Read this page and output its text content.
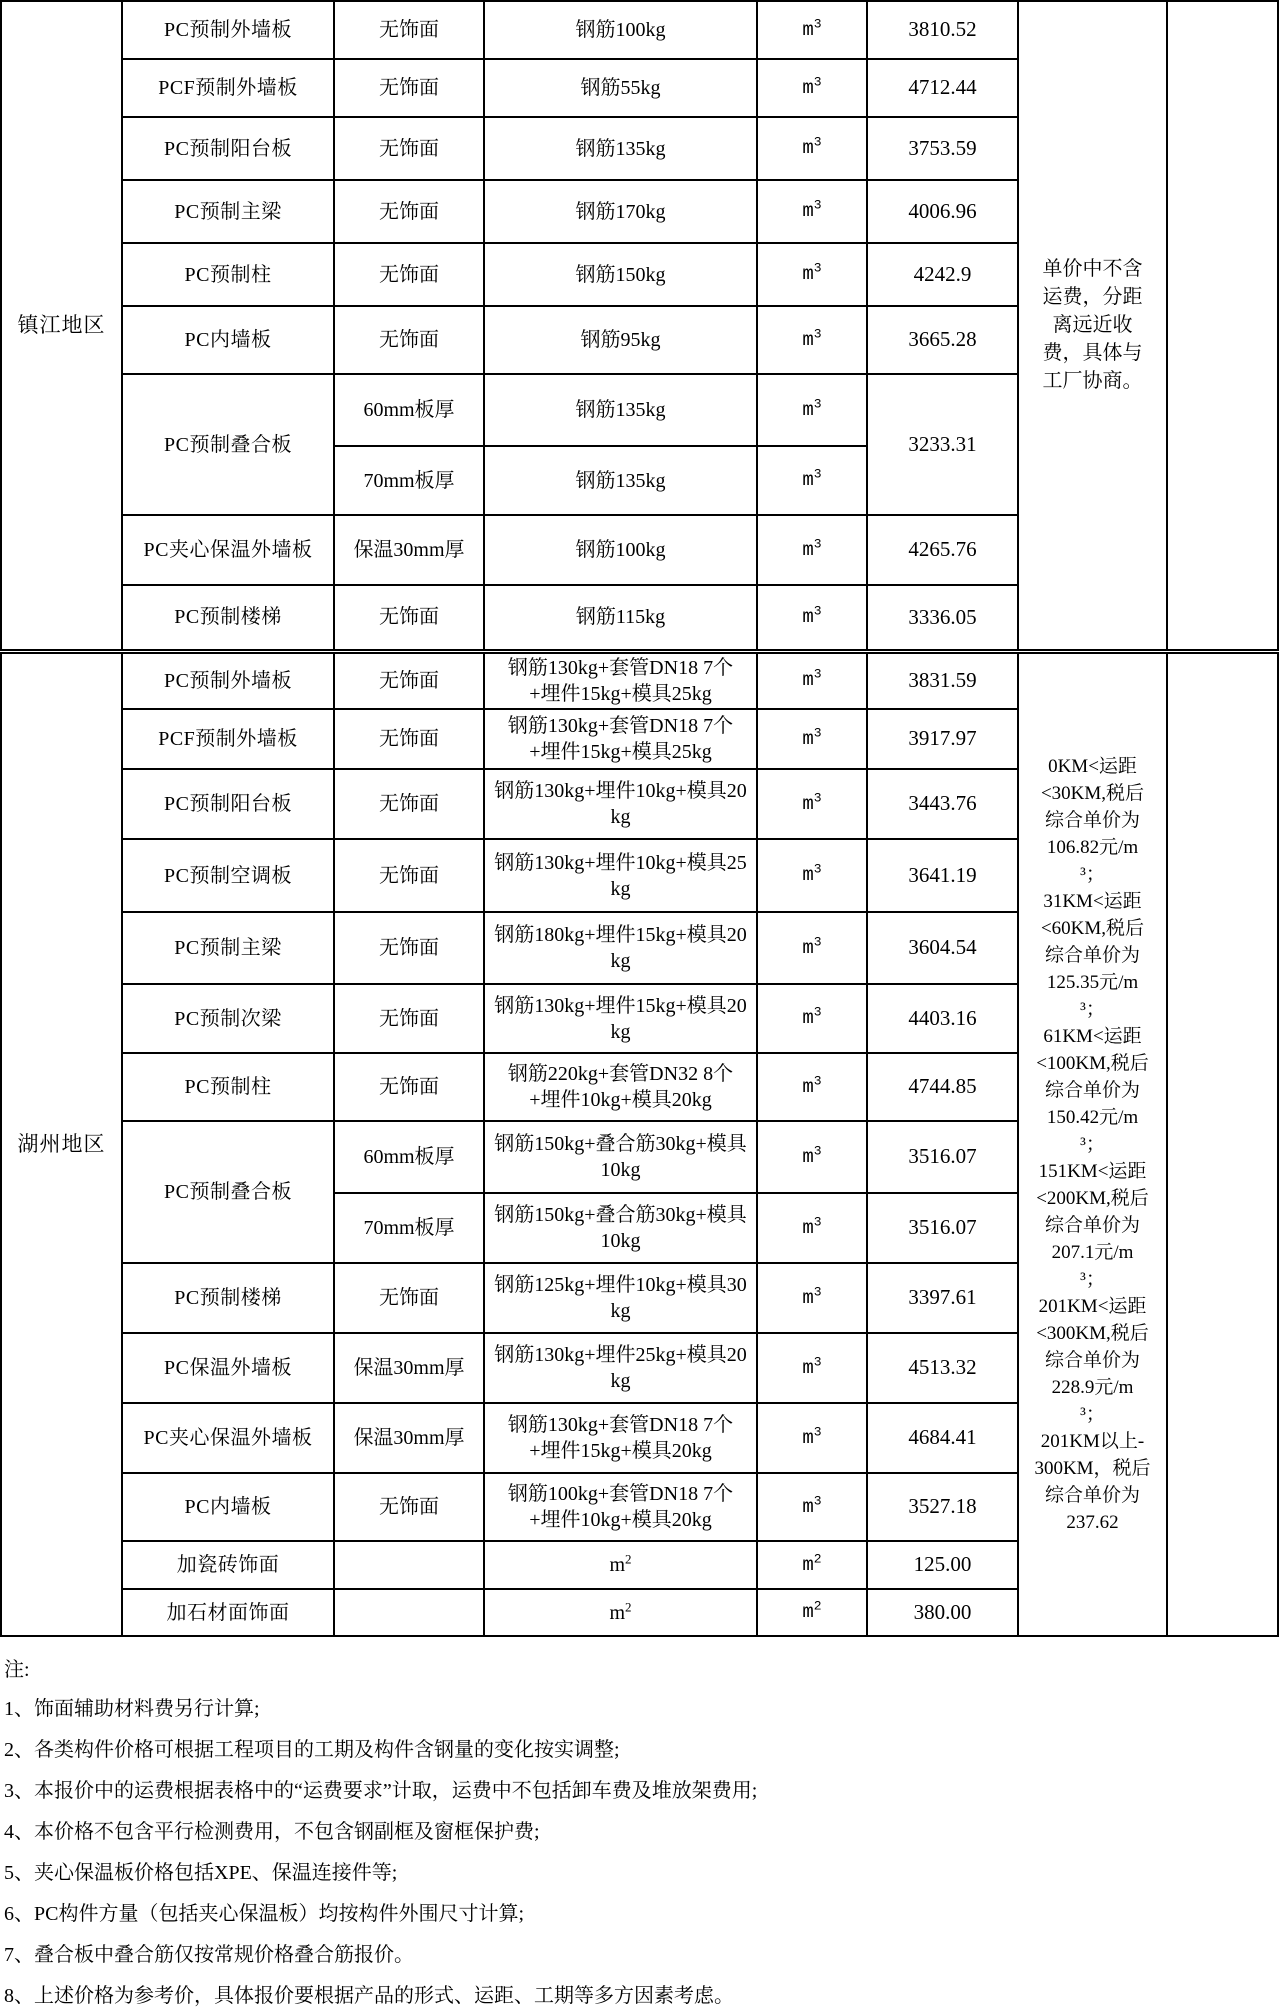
镇江地区	PC预制外墙板	无饰面	钢筋100kg	$m^3$	3810.52	单价中不含
运费，分距
离远近收
费，具体与
工厂协商。	

	PCF预制外墙板	无饰面	钢筋55kg	$m^3$	4712.44		
	PC预制阳台板	无饰面	钢筋135kg	$m^3$	3753.59		
	PC预制主梁	无饰面	钢筋170kg	$m^3$	4006.96		
	PC预制柱	无饰面	钢筋150kg	$m^3$	4242.9		
	PC内墙板	无饰面	钢筋95kg	$m^3$	3665.28		
	PC预制叠合板	60mm板厚	钢筋135kg	$m^3$	3233.31		
		70mm板厚	钢筋135kg	$m^3$
	PC夹心保温外墙板	保温30mm厚	钢筋100kg	$m^3$	4265.76		
	PC预制楼梯	无饰面	钢筋115kg	$m^3$	3336.05		
湖州地区	PC预制外墙板	无饰面	钢筋130kg+套管DN18 7个+埋件15kg+模具25kg	$m^3$	3831.59	
0KM<运距
<30KM,税后
综合单价为
106.82元/m
³；
31KM<运距
<60KM,税后
综合单价为
125.35元/m
³；
61KM<运距
<100KM,税后
综合单价为
150.42元/m
³；
151KM<运距
<200KM,税后
综合单价为
207.1元/m
³；
201KM<运距
<300KM,税后
综合单价为
228.9元/m
³；
201KM以上-
300KM，税后
综合单价为
237.62

	PCF预制外墙板	无饰面	钢筋130kg+套管DN18 7个+埋件15kg+模具25kg	$m^3$	3917.97		
	PC预制阳台板	无饰面	钢筋130kg+埋件10kg+模具20kg	$m^3$	3443.76		
	PC预制空调板	无饰面	钢筋130kg+埋件10kg+模具25kg	$m^3$	3641.19		
	PC预制主梁	无饰面	钢筋180kg+埋件15kg+模具20kg	$m^3$	3604.54		
	PC预制次梁	无饰面	钢筋130kg+埋件15kg+模具20kg	$m^3$	4403.16		
	PC预制柱	无饰面	钢筋220kg+套管DN32 8个+埋件10kg+模具20kg	$m^3$	4744.85		
	PC预制叠合板	60mm板厚	钢筋150kg+叠合筋30kg+模具10kg	$m^3$	3516.07		
		70mm板厚	钢筋150kg+叠合筋30kg+模具10kg	$m^3$	3516.07		
	PC预制楼梯	无饰面	钢筋125kg+埋件10kg+模具30kg	$m^3$	3397.61		
	PC保温外墙板	保温30mm厚	钢筋130kg+埋件25kg+模具20kg	$m^3$	4513.32		
	PC夹心保温外墙板	保温30mm厚	钢筋130kg+套管DN18 7个+埋件15kg+模具20kg	$m^3$	4684.41		
	PC内墙板	无饰面	钢筋100kg+套管DN18 7个+埋件10kg+模具20kg	$m^3$	3527.18		
	加瓷砖饰面		$m^2$	$m^2$	125.00		
	加石材面饰面		$m^2$	$m^2$	380.00		
注:
1、饰面辅助材料费另行计算;
2、各类构件价格可根据工程项目的工期及构件含钢量的变化按实调整;
3、本报价中的运费根据表格中的“运费要求”计取，运费中不包括卸车费及堆放架费用;
4、本价格不包含平行检测费用，不包含钢副框及窗框保护费;
5、夹心保温板价格包括XPE、保温连接件等;
6、PC构件方量（包括夹心保温板）均按构件外围尺寸计算;
7、叠合板中叠合筋仅按常规价格叠合筋报价。
8、上述价格为参考价，具体报价要根据产品的形式、运距、工期等多方因素考虑。
